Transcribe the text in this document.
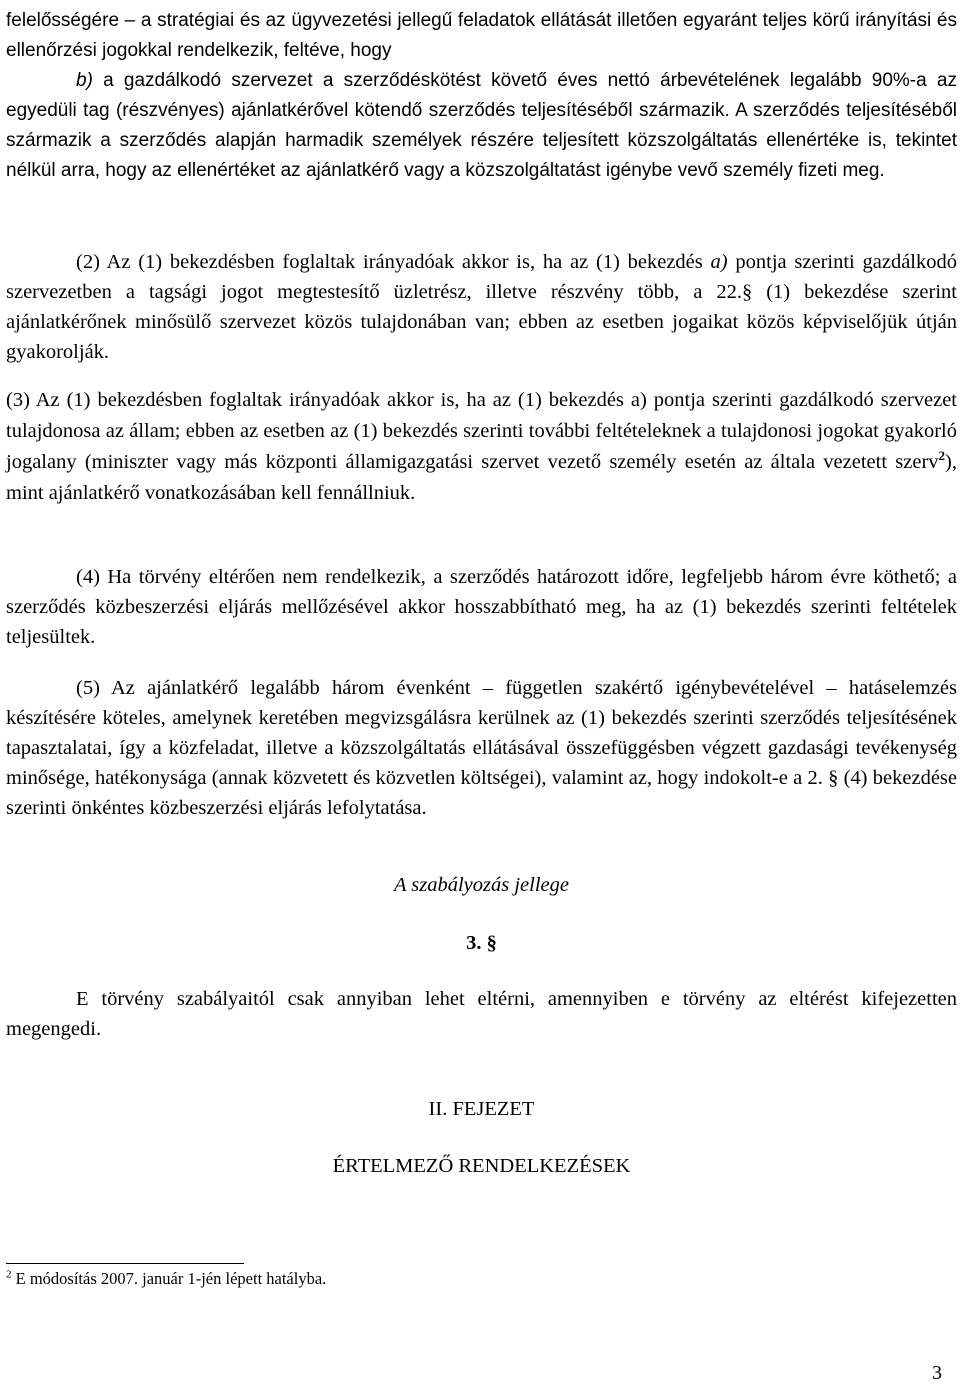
felelősségére – a stratégiai és az ügyvezetési jellegű feladatok ellátását illetően egyaránt teljes körű irányítási és ellenőrzési jogokkal rendelkezik, feltéve, hogy

b) a gazdálkodó szervezet a szerződéskötést követő éves nettó árbevételének legalább 90%-a az egyedüli tag (részvényes) ajánlatkérővel kötendő szerződés teljesítéséből származik. A szerződés teljesítéséből származik a szerződés alapján harmadik személyek részére teljesített közszolgáltatás ellenértéke is, tekintet nélkül arra, hogy az ellenértéket az ajánlatkérő vagy a közszolgáltatást igénybe vevő személy fizeti meg.

(2) Az (1) bekezdésben foglaltak irányadóak akkor is, ha az (1) bekezdés a) pontja szerinti gazdálkodó szervezetben a tagsági jogot megtestesítő üzletrész, illetve részvény több, a 22.§ (1) bekezdése szerint ajánlatkérőnek minősülő szervezet közös tulajdonában van; ebben az esetben jogaikat közös képviselőjük útján gyakorolják.

(3) Az (1) bekezdésben foglaltak irányadóak akkor is, ha az (1) bekezdés a) pontja szerinti gazdálkodó szervezet tulajdonosa az állam; ebben az esetben az (1) bekezdés szerinti további feltételeknek a tulajdonosi jogokat gyakorló jogalany (miniszter vagy más központi államigazgatási szervet vezető személy esetén az általa vezetett szerv$^2$), mint ajánlatkérő vonatkozásában kell fennállniuk.

(4) Ha törvény eltérően nem rendelkezik, a szerződés határozott időre, legfeljebb három évre köthető; a szerződés közbeszerzési eljárás mellőzésével akkor hosszabbítható meg, ha az (1) bekezdés szerinti feltételek teljesültek.

(5) Az ajánlatkérő legalább három évenként – független szakértő igénybevételével – hatáselemzés készítésére köteles, amelynek keretében megvizsgálásra kerülnek az (1) bekezdés szerinti szerződés teljesítésének tapasztalatai, így a közfeladat, illetve a közszolgáltatás ellátásával összefüggésben végzett gazdasági tevékenység minősége, hatékonysága (annak közvetett és közvetlen költségei), valamint az, hogy indokolt-e a 2. § (4) bekezdése szerinti önkéntes közbeszerzési eljárás lefolytatása.

A szabályozás jellege
3. §

E törvény szabályaitól csak annyiban lehet eltérni, amennyiben e törvény az eltérést kifejezetten megengedi.

II. FEJEZET
ÉRTELMEZŐ RENDELKEZÉSEK
$^2$ E módosítás 2007. január 1-jén lépett hatályba.
3
